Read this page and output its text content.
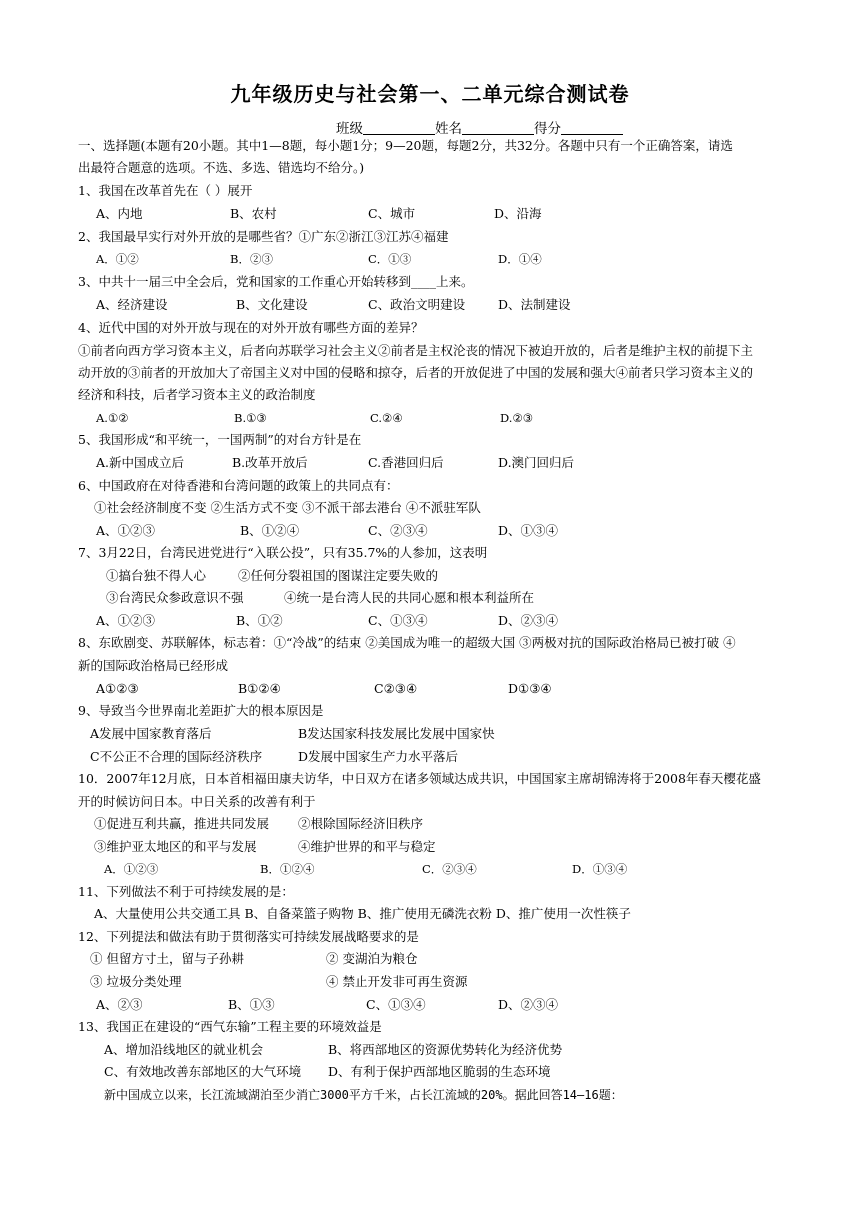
九年级历史与社会第一、二单元综合测试卷
班级	姓名	得分
一、选择题(本题有20小题。其中1—8题，每小题1分；9—20题，每题2分，共32分。各题中只有一个正确答案，请选
出最符合题意的选项。不选、多选、错选均不给分。)
1、我国在改革首先在（ ）展开
A、内地	B、农村	C、城市	D、沿海
2、我国最早实行对外开放的是哪些省？①广东②浙江③江苏④福建
A．①②	B．②③	C．①③	D．①④
3、中共十一届三中全会后，党和国家的工作重心开始转移到____上来。
A、经济建设	B、文化建设	C、政治文明建设	D、法制建设
4、近代中国的对外开放与现在的对外开放有哪些方面的差异？
①前者向西方学习资本主义，后者向苏联学习社会主义②前者是主权沦丧的情况下被迫开放的，后者是维护主权的前提下主
动开放的③前者的开放加大了帝国主义对中国的侵略和掠夺，后者的开放促进了中国的发展和强大④前者只学习资本主义的
经济和科技，后者学习资本主义的政治制度
A.①②	B.①③	C.②④	D.②③
5、我国形成“和平统一，一国两制”的对台方针是在
A.新中国成立后	B.改革开放后	C.香港回归后	D.澳门回归后
6、中国政府在对待香港和台湾问题的政策上的共同点有：
①社会经济制度不变 ②生活方式不变 ③不派干部去港台 ④不派驻军队
A、①②③	B、①②④	C、②③④	D、①③④
7、3月22日，台湾民进党进行“入联公投”，只有35.7%的人参加，这表明
①搞台独不得人心	②任何分裂祖国的图谋注定要失败的
③台湾民众参政意识不强	④统一是台湾人民的共同心愿和根本利益所在
A、①②③	B、①②	C、①③④	D、②③④
8、东欧剧变、苏联解体，标志着：①“冷战”的结束 ②美国成为唯一的超级大国 ③两极对抗的国际政治格局已被打破 ④
新的国际政治格局已经形成
A①②③	B①②④	C②③④	D①③④
9、导致当今世界南北差距扩大的根本原因是
A发展中国家教育落后	B发达国家科技发展比发展中国家快
C不公正不合理的国际经济秩序	D发展中国家生产力水平落后
10．2007年12月底，日本首相福田康夫访华，中日双方在诸多领域达成共识，中国国家主席胡锦涛将于2008年春天樱花盛
开的时候访问日本。中日关系的改善有利于
①促进互利共赢，推进共同发展 ②根除国际经济旧秩序
③维护亚太地区的和平与发展	④维护世界的和平与稳定
A．①②③	B．①②④	C．②③④	D．①③④
11、下列做法不利于可持续发展的是：
A、大量使用公共交通工具 B、自备菜篮子购物 B、推广使用无磷洗衣粉 D、推广使用一次性筷子
12、下列提法和做法有助于贯彻落实可持续发展战略要求的是
① 但留方寸土，留与子孙耕	② 变湖泊为粮仓
③ 垃圾分类处理	④ 禁止开发非可再生资源
A、②③	B、①③	C、①③④	D、②③④
13、我国正在建设的“西气东输”工程主要的环境效益是
A、增加沿线地区的就业机会	B、将西部地区的资源优势转化为经济优势
C、有效地改善东部地区的大气环境 D、有利于保护西部地区脆弱的生态环境
新中国成立以来，长江流域湖泊至少消亡3000平方千米，占长江流域的20%。据此回答14—16题：
